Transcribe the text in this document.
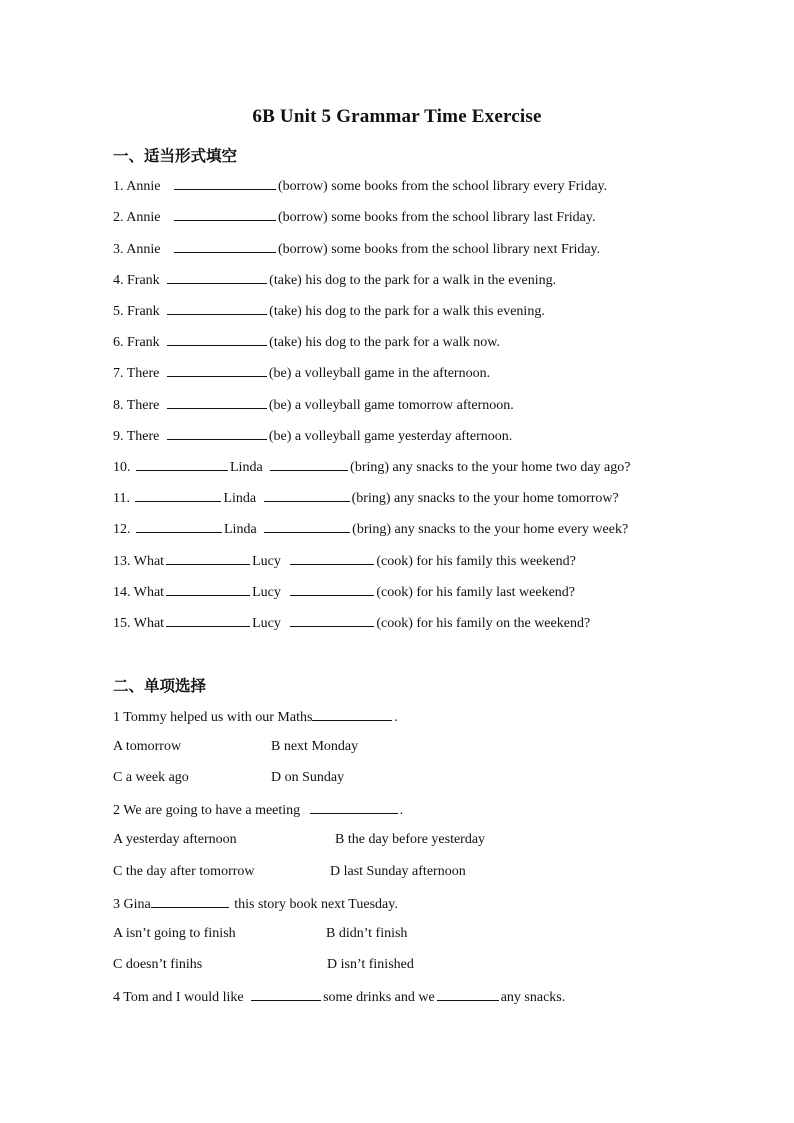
6B Unit 5 Grammar Time Exercise
一、适当形式填空
1. Annie	(borrow) some books from the school library every Friday.
2. Annie	(borrow) some books from the school library last Friday.
3. Annie	(borrow) some books from the school library next Friday.
4. Frank	(take) his dog to the park for a walk in the evening.
5. Frank	(take) his dog to the park for a walk this evening.
6. Frank	(take) his dog to the park for a walk now.
7. There	(be) a volleyball game in the afternoon.
8. There	(be) a volleyball game tomorrow afternoon.
9. There	(be) a volleyball game yesterday afternoon.
10.	Linda	(bring) any snacks to the your home two day ago?
11.	Linda	(bring) any snacks to the your home tomorrow?
12.	Linda	(bring) any snacks to the your home every week?
13. What	Lucy	(cook) for his family this weekend?
14. What	Lucy	(cook) for his family last weekend?
15. What	Lucy	(cook) for his family on the weekend?
二、单项选择
1 Tommy helped us with our Maths	.
A tomorrow	B next Monday
C a week ago	D on Sunday
2 We are going to have a meeting	.
A yesterday afternoon	B the day before yesterday
C the day after tomorrow	D last Sunday afternoon
3 Gina	this story book next Tuesday.
A isn’t going to finish	B didn’t finish
C doesn’t finihs	D isn’t finished
4 Tom and I would like	some drinks and we	any snacks.
